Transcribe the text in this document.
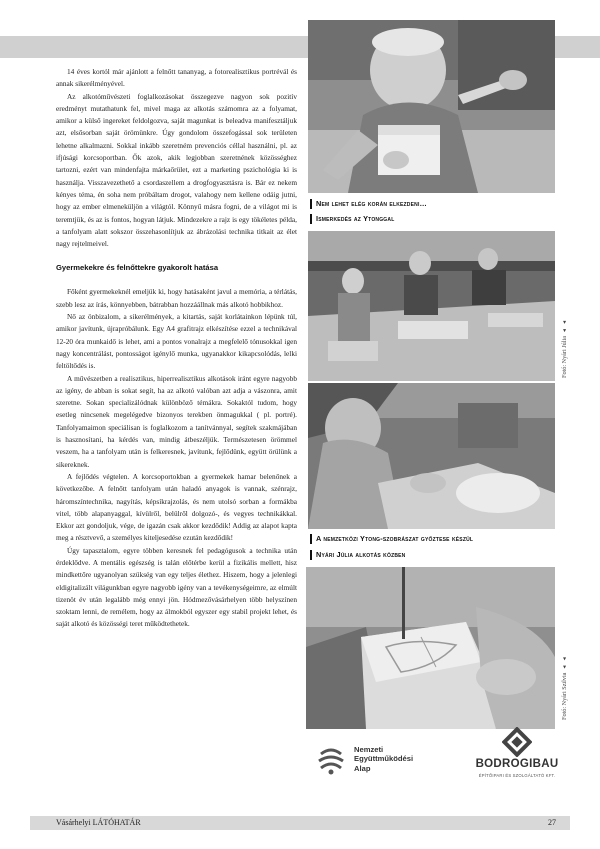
14 éves kortól már ajánlott a felnőtt tananyag, a fotorealisztikus portrévál és annak sikerélményével.

Az alkotóművészeti foglalkozásokat összegezve nagyon sok pozitív eredményt mutathatunk fel, mivel maga az alkotás számomra az a folyamat, amikor a külső ingereket feldolgozva, saját magunkat is beleadva manifesztáljuk azt, elsősorban saját örömünkre. Úgy gondolom összefogással sok területen lehetne alkalmazni. Sokkal inkább szeretném prevenciós céllal használni, pl. az ifjúsági korcsoportban. Ők azok, akik legjobban szeretnének közösséghez tartozni, ezért van mindenfajta márkaőrület, ezt a marketing pszichológia ki is használja. Visszavezethető a csordaszellem a drogfogyasztásra is. Bár ez nekem kényes téma, én soha nem próbáltam drogot, valahogy nem kellene odáig jutni, hogy az ember elmeneküljön a világtól. Könnyű másra fogni, de a világot mi is teremtjük, és az is fontos, hogyan látjuk. Mindezekre a rajz is egy tökéletes példa, a tanfolyam alatt sokszor összehasonlítjuk az ábrázolási technika titkait az élet nagy rejtelmeivel.

Gyermekekre és felnőttekre gyakorolt hatása

Főként gyermekeknél emeljük ki, hogy hatásaként javul a memória, a térlátás, szebb lesz az írás, könnyebben, bátrabban hozzáállnak más alkotó hobbikhoz.

Nő az önbizalom, a sikerélmények, a kitartás, saját korlátainkon lépünk túl, amikor javítunk, újrapróbálunk. Egy A4 grafitrajz elkészítése ezzel a technikával 12-20 óra munkaidő is lehet, ami a pontos vonalrajz a megfelelő tónusokkal igen nagy koncentrálást, pontosságot igénylő munka, ugyanakkor kikapcsolódás, lelki feltöltődés is.

A művészetben a realisztikus, hiperrealisztikus alkotások iránt egyre nagyobb az igény, de abban is sokat segít, ha az alkotó valóban azt adja a vászonra, amit szeretne. Sokan specializálódnak különböző témákra. Sokaktól tudom, hogy esetleg nincsenek megelégedve bizonyos terekben önmagukkal ( pl. portré). Tanfolyamaimon speciálisan is foglalkozom a tanítvánnyal, segítek szakmájában is hasznosítani, ha kérdés van, mindig átbeszéljük. Természetesen örömmel veszem, ha a tanfolyam után is felkeresnek, javítunk, fejlődünk, együtt örülünk a sikereknek.

A fejlődés végtelen. A korcsoportokban a gyermekek hamar belenőnek a következőbe. A felnőtt tanfolyam után haladó anyagok is vannak, szénrajz, háromszíntechnika, nagyítás, képsíkrajzolás, és nem utolsó sorban a formákba vitel, több alapanyaggal, kívülről, belülről dolgozó-, és vegyes technikákkal. Ekkor azt gondoljuk, vége, de igazán csak akkor kezdődik! Addig az alapot kapta meg a résztvevő, a személyes kiteljesedése ezután kezdődik!

Úgy tapasztalom, egyre többen keresnek fel pedagógusok a technika után érdeklődve. A mentális egészség is talán előtérbe kerül a fizikális mellett, hisz mindkettőre ugyanolyan szükség van egy teljes élethez. Hiszem, hogy a jelenlegi eldigitalizált világunkban egyre nagyobb igény van a tevékenységeimre, az elmúlt tizenöt év után legalább még ennyi jön. Hódmezővásárhelyen több helyszínen szoktam lenni, de remélem, hogy az álmokból egyszer egy stabil projekt lehet, és saját alkotó és közösségi teret működtethetek.

Nem lehet elég korán elkezdeni…
Ismerkedés az Ytonggal
A nemzetközi Ytong-szobrászat győztese készül
Nyári Júlia alkotás közben
Fotó: Nyári Júlia◄ ◄
Fotó: Nyári Szilvia◄ ◄
Nemzeti
Együttműködési
Alap	BODROGIBAU
ÉPÍTŐIPARI ÉS SZOLGÁLTATÓ KFT.
Vásárhelyi LÁTÓHATÁR	27
